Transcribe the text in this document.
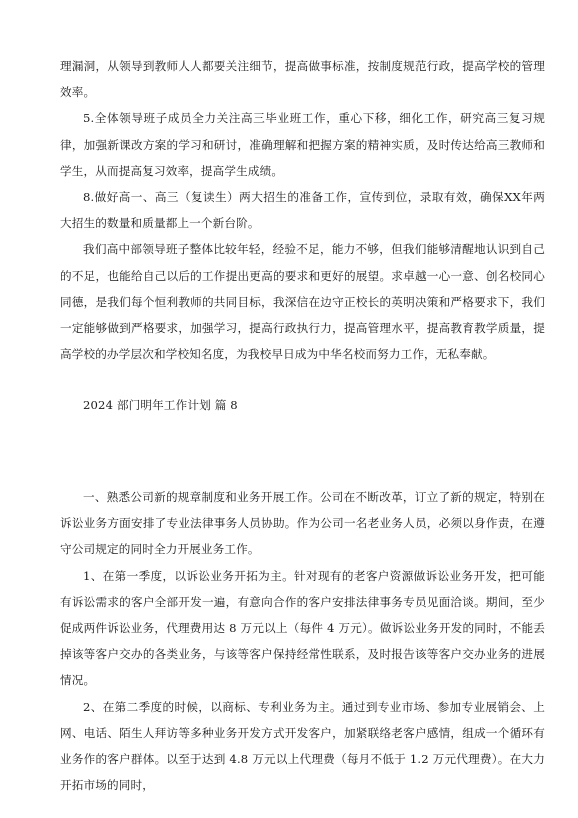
理漏洞，从领导到教师人人都要关注细节，提高做事标准，按制度规范行政，提高学校的管理效率。

5.全体领导班子成员全力关注高三毕业班工作，重心下移，细化工作，研究高三复习规律，加强新课改方案的学习和研讨，准确理解和把握方案的精神实质，及时传达给高三教师和学生，从而提高复习效率，提高学生成绩。

8.做好高一、高三（复读生）两大招生的准备工作，宣传到位，录取有效，确保XX年两大招生的数量和质量都上一个新台阶。

我们高中部领导班子整体比较年轻，经验不足，能力不够，但我们能够清醒地认识到自己的不足，也能给自己以后的工作提出更高的要求和更好的展望。求卓越一心一意、创名校同心同德，是我们每个恒利教师的共同目标，我深信在边守正校长的英明决策和严格要求下，我们一定能够做到严格要求，加强学习，提高行政执行力，提高管理水平，提高教育教学质量，提高学校的办学层次和学校知名度，为我校早日成为中华名校而努力工作，无私奉献。

2024 部门明年工作计划 篇 8

一、熟悉公司新的规章制度和业务开展工作。公司在不断改革，订立了新的规定，特别在诉讼业务方面安排了专业法律事务人员协助。作为公司一名老业务人员，必须以身作责，在遵守公司规定的同时全力开展业务工作。

1、在第一季度，以诉讼业务开拓为主。针对现有的老客户资源做诉讼业务开发，把可能有诉讼需求的客户全部开发一遍，有意向合作的客户安排法律事务专员见面洽谈。期间，至少促成两件诉讼业务，代理费用达 8 万元以上（每件 4 万元）。做诉讼业务开发的同时，不能丢掉该等客户交办的各类业务，与该等客户保持经常性联系，及时报告该等客户交办业务的进展情况。

2、在第二季度的时候，以商标、专利业务为主。通过到专业市场、参加专业展销会、上网、电话、陌生人拜访等多种业务开发方式开发客户，加紧联络老客户感情，组成一个循环有业务作的客户群体。以至于达到 4.8 万元以上代理费（每月不低于 1.2 万元代理费）。在大力开拓市场的同时，
